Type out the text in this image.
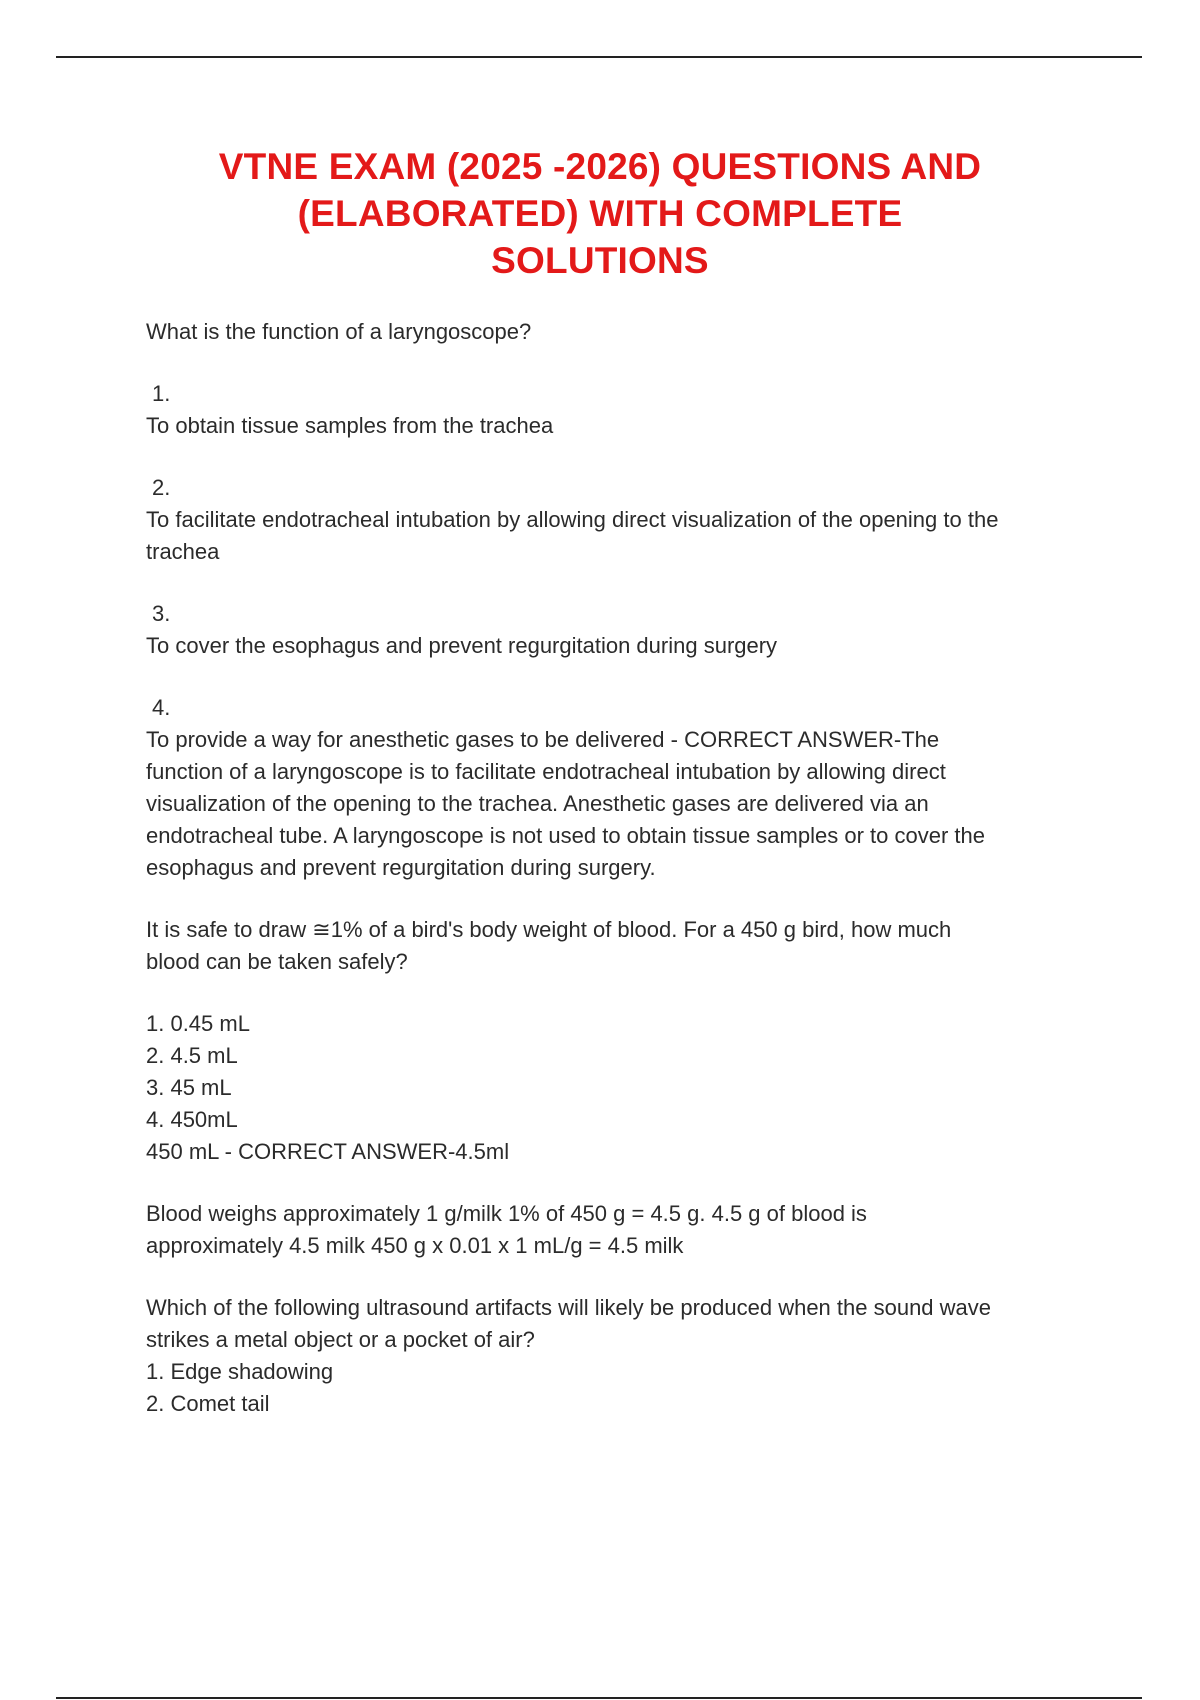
VTNE EXAM (2025 -2026) QUESTIONS AND
(ELABORATED) WITH COMPLETE
SOLUTIONS
What is the function of a laryngoscope?
1.
To obtain tissue samples from the trachea
2.
To facilitate endotracheal intubation by allowing direct visualization of the opening to the
trachea
3.
To cover the esophagus and prevent regurgitation during surgery
4.
To provide a way for anesthetic gases to be delivered - CORRECT ANSWER-The
function of a laryngoscope is to facilitate endotracheal intubation by allowing direct
visualization of the opening to the trachea. Anesthetic gases are delivered via an
endotracheal tube. A laryngoscope is not used to obtain tissue samples or to cover the
esophagus and prevent regurgitation during surgery.
It is safe to draw ≅1% of a bird's body weight of blood. For a 450 g bird, how much
blood can be taken safely?
1. 0.45 mL
2. 4.5 mL
3. 45 mL
4. 450mL
450 mL - CORRECT ANSWER-4.5ml
Blood weighs approximately 1 g/milk 1% of 450 g = 4.5 g. 4.5 g of blood is
approximately 4.5 milk 450 g x 0.01 x 1 mL/g = 4.5 milk
Which of the following ultrasound artifacts will likely be produced when the sound wave
strikes a metal object or a pocket of air?
1. Edge shadowing
2. Comet tail
